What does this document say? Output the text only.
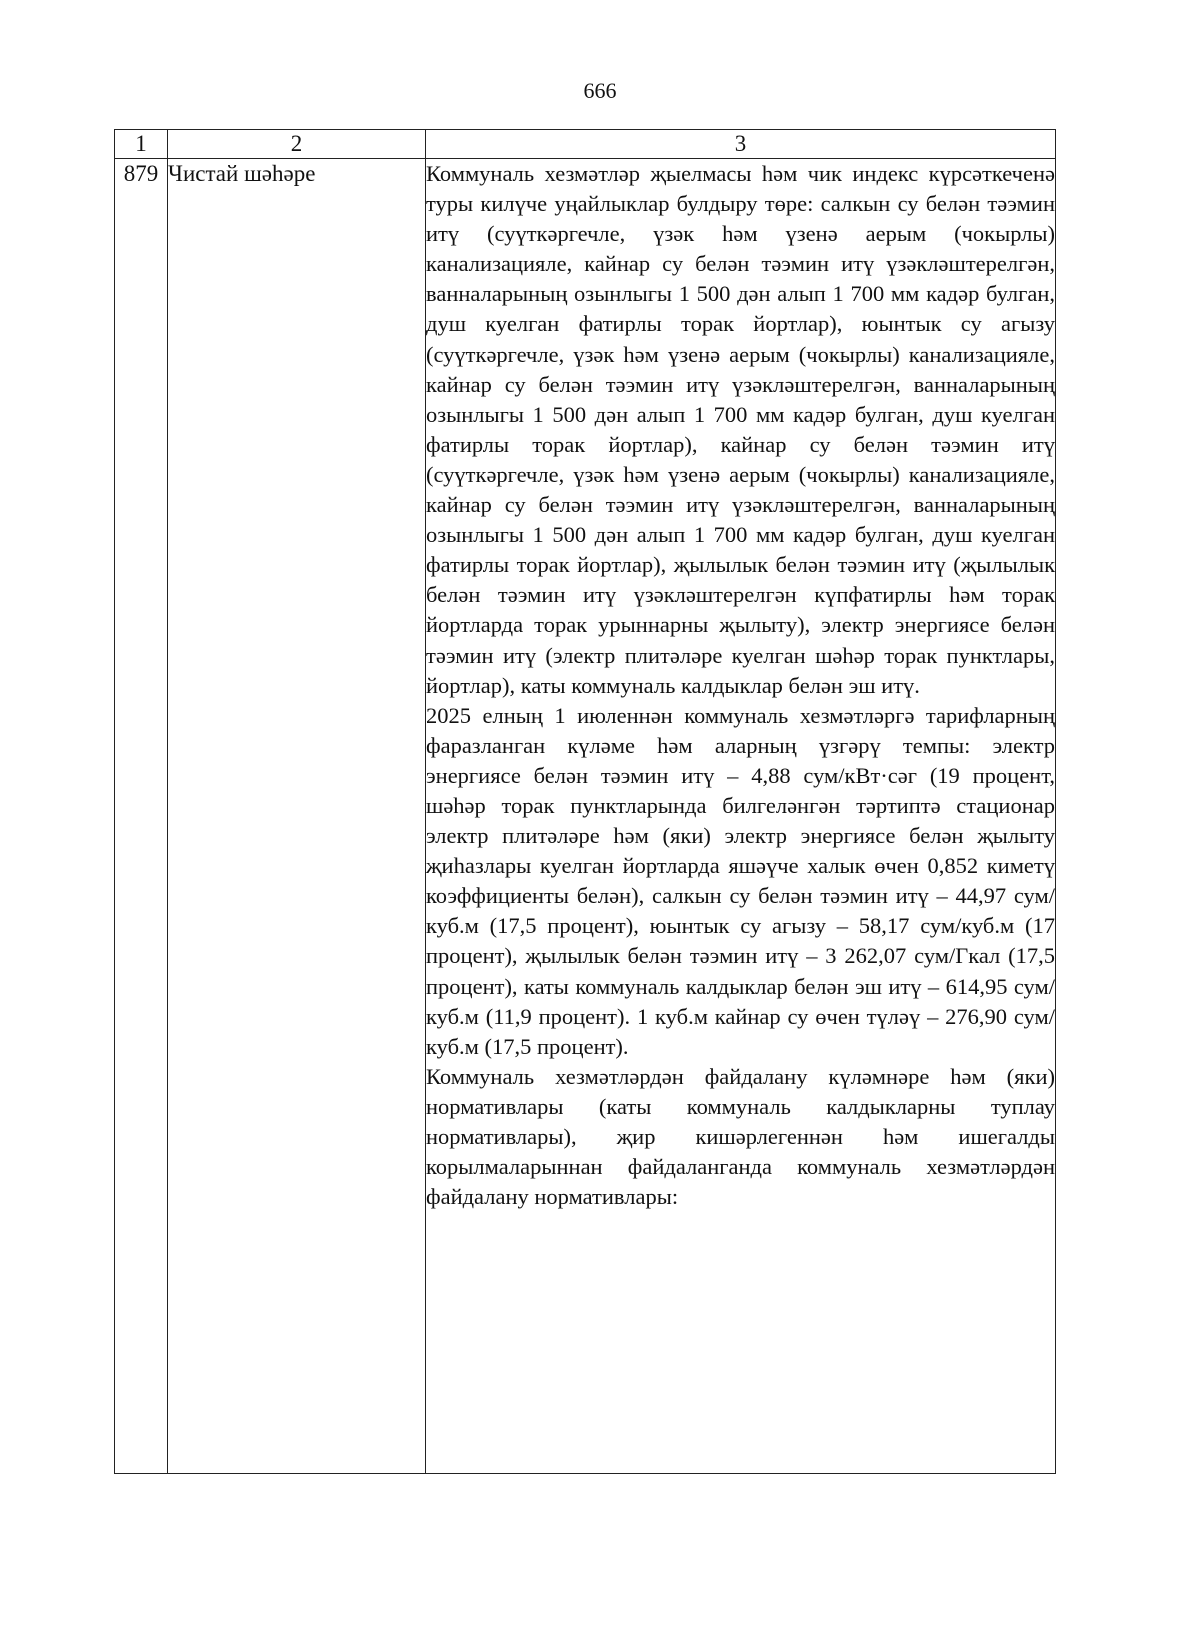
666
1	2	3
879	Чистай шәһәре	Коммуналь хезмәтләр җыелмасы һәм чик индекс күрсәткеченә туры килүче уңайлыклар булдыру төре: салкын су белән тәэмин итү (суүткәргечле, үзәк һәм үзенә аерым (чокырлы) канализацияле, кайнар су белән тәэмин итү үзәкләштерелгән, ванналарының озынлыгы 1 500 дән алып 1 700 мм кадәр булган, душ куелган фатирлы торак йортлар), юынтык су агызу (суүткәргечле, үзәк һәм үзенә аерым (чокырлы) канализацияле, кайнар су белән тәэмин итү үзәкләштерелгән, ванналарының озынлыгы 1 500 дән алып 1 700 мм кадәр булган, душ куелган фатирлы торак йортлар), кайнар су белән тәэмин итү (суүткәргечле, үзәк һәм үзенә аерым (чокырлы) канализацияле, кайнар су белән тәэмин итү үзәкләштерелгән, ванналарының озынлыгы 1 500 дән алып 1 700 мм кадәр булган, душ куелган фатирлы торак йортлар), җылылык белән тәэмин итү (җылылык белән тәэмин итү үзәкләштерелгән күпфатирлы һәм торак йортларда торак урыннарны җылыту), электр энергиясе белән тәэмин итү (электр плитәләре куелган шәһәр торак пунктлары, йортлар), каты коммуналь калдыклар белән эш итү.

2025 елның 1 июленнән коммуналь хезмәтләргә тарифларның фаразланган күләме һәм аларның үзгәрү темпы: электр энергиясе белән тәэмин итү – 4,88 сум/кВт·сәг (19 процент, шәһәр торак пунктларында билгеләнгән тәртиптә стационар электр плитәләре һәм (яки) электр энергиясе белән җылыту җиһазлары куелган йортларда яшәүче халык өчен 0,852 киметү коэффициенты белән), салкын су белән тәэмин итү – 44,97 сум/куб.м (17,5 процент), юынтык су агызу – 58,17 сум/куб.м (17 процент), җылылык белән тәэмин итү – 3 262,07 сум/Гкал (17,5 процент), каты коммуналь калдыклар белән эш итү – 614,95 сум/куб.м (11,9 процент). 1 куб.м кайнар су өчен түләү – 276,90 сум/куб.м (17,5 процент).

Коммуналь хезмәтләрдән файдалану күләмнәре һәм (яки) нормативлары (каты коммуналь калдыкларны туплау нормативлары), җир кишәрлегеннән һәм ишегалды корылмаларыннан файдаланганда коммуналь хезмәтләрдән файдалану нормативлары:
